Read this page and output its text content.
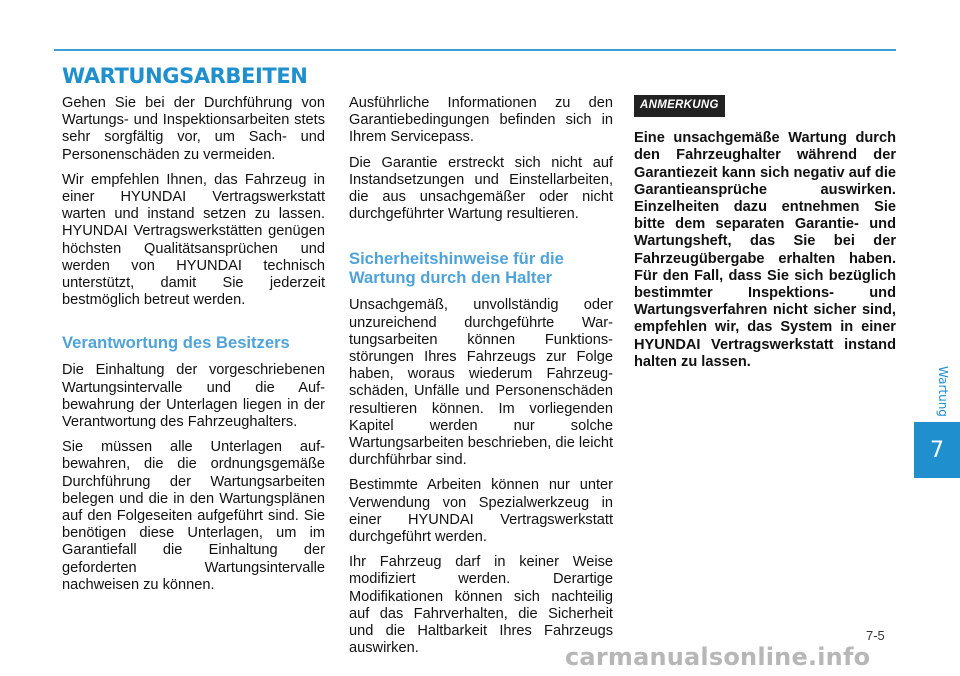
WARTUNGSARBEITEN

Gehen Sie bei der Durchführung von Wartungs- und Inspektionsarbeiten stets sehr sorgfältig vor, um Sach- und Personenschäden zu vermeiden.

Wir empfehlen Ihnen, das Fahrzeug in einer HYUNDAI Vertragswerkstatt warten und instand setzen zu lassen. HYUNDAI Vertragswerkstätten genügen höchsten Qualitätsansprüchen und werden von HYUNDAI technisch unterstützt, damit Sie jederzeit bestmöglich betreut werden.

Verantwortung des Besitzers

Die Einhaltung der vorgeschriebenen Wartungsintervalle und die Aufbewahrung der Unterlagen liegen in der Verantwortung des Fahrzeughalters.

Sie müssen alle Unterlagen aufbewahren, die die ordnungsgemäße Durchführung der Wartungsarbeiten belegen und die in den Wartungsplänen auf den Folgeseiten aufgeführt sind. Sie benötigen diese Unterlagen, um im Garantiefall die Einhaltung der geforderten Wartungsintervalle nachweisen zu können.

Ausführliche Informationen zu den Garantiebedingungen befinden sich in Ihrem Servicepass.

Die Garantie erstreckt sich nicht auf Instandsetzungen und Einstellarbeiten, die aus unsachgemäßer oder nicht durchgeführter Wartung resultieren.

Sicherheitshinweise für die Wartung durch den Halter

Unsachgemäß, unvollständig oder unzureichend durchgeführte Wartungsarbeiten können Funktionsstörungen Ihres Fahrzeugs zur Folge haben, woraus wiederum Fahrzeugschäden, Unfälle und Personenschäden resultieren können. Im vorliegenden Kapitel werden nur solche Wartungsarbeiten beschrieben, die leicht durchführbar sind.

Bestimmte Arbeiten können nur unter Verwendung von Spezialwerkzeug in einer HYUNDAI Vertragswerkstatt durchgeführt werden.

Ihr Fahrzeug darf in keiner Weise modifiziert werden. Derartige Modifikationen können sich nachteilig auf das Fahrverhalten, die Sicherheit und die Haltbarkeit Ihres Fahrzeugs auswirken.

ANMERKUNG

Eine unsachgemäße Wartung durch den Fahrzeughalter während der Garantiezeit kann sich negativ auf die Garantieansprüche auswirken. Einzelheiten dazu entnehmen Sie bitte dem separaten Garantie- und Wartungsheft, das Sie bei der Fahrzeugübergabe erhalten haben. Für den Fall, dass Sie sich bezüglich bestimmter Inspektions- und Wartungsverfahren nicht sicher sind, empfehlen wir, das System in einer HYUNDAI Vertragswerkstatt instand halten zu lassen.

Wartung
7
7-5
carmanualsonline.info
